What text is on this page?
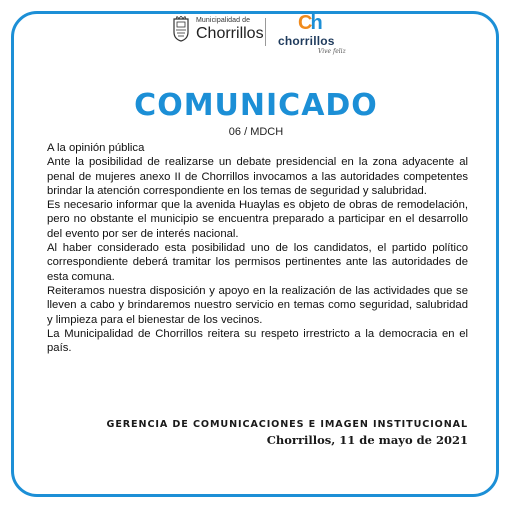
Municipalidad de
Chorrillos Ch
chorrillos
Vive feliz
COMUNICADO
06 / MDCH

A la opinión pública

Ante la posibilidad de realizarse un debate presidencial en la zona adyacente al penal de mujeres anexo II de Chorrillos invocamos a las autoridades competentes brindar la atención correspondiente en los temas de seguridad y salubridad.

Es necesario informar que la avenida Huaylas es objeto de obras de remodelación, pero no obstante el municipio se encuentra preparado a participar en el desarrollo del evento por ser de interés nacional.

Al haber considerado esta posibilidad uno de los candidatos, el partido político correspondiente deberá tramitar los permisos pertinentes ante las autoridades de esta comuna.

Reiteramos nuestra disposición y apoyo en la realización de las actividades que se lleven a cabo y brindaremos nuestro servicio en temas como seguridad, salubridad y limpieza para el bienestar de los vecinos.

La Municipalidad de Chorrillos reitera su respeto irrestricto a la democracia en el país.

GERENCIA DE COMUNICACIONES E IMAGEN INSTITUCIONAL
Chorrillos, 11 de mayo de 2021
